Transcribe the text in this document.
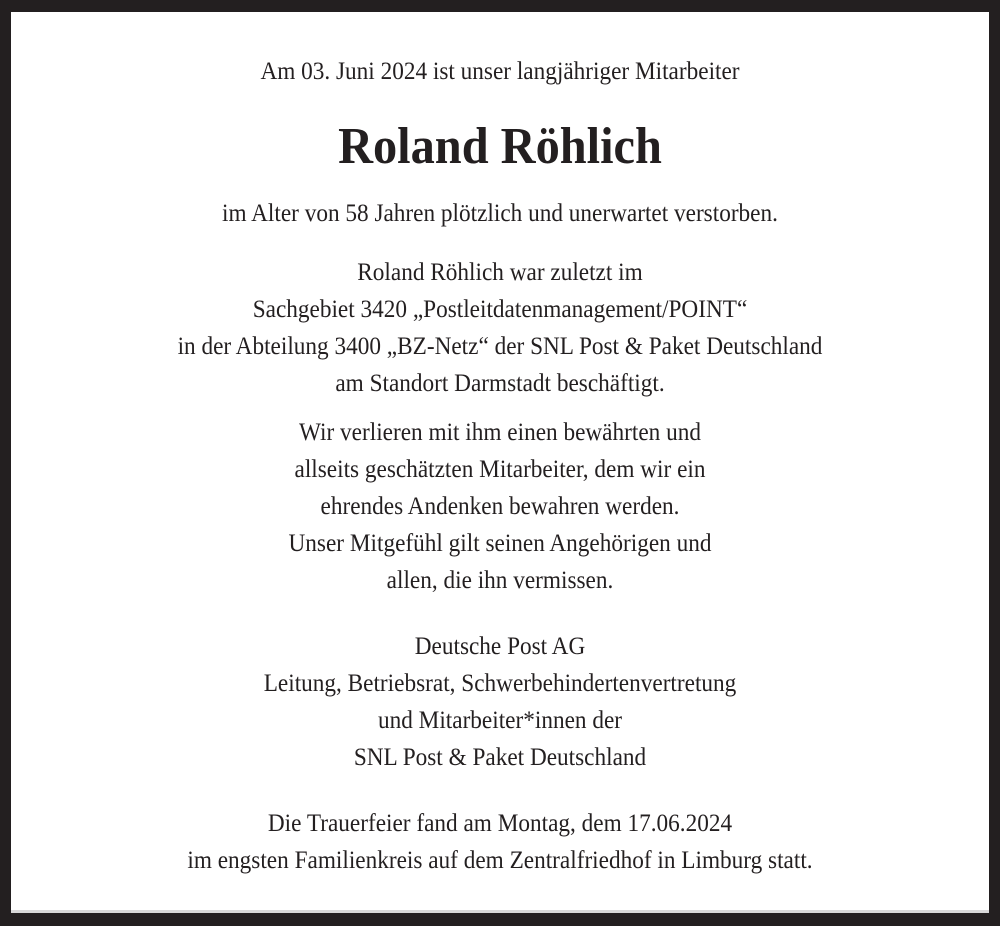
Am 03. Juni 2024 ist unser langjähriger Mitarbeiter
Roland Röhlich
im Alter von 58 Jahren plötzlich und unerwartet verstorben.
Roland Röhlich war zuletzt im
Sachgebiet 3420 „Postleitdatenmanagement/POINT“
in der Abteilung 3400 „BZ-Netz“ der SNL Post & Paket Deutschland
am Standort Darmstadt beschäftigt.
Wir verlieren mit ihm einen bewährten und
allseits geschätzten Mitarbeiter, dem wir ein
ehrendes Andenken bewahren werden.
Unser Mitgefühl gilt seinen Angehörigen und
allen, die ihn vermissen.
Deutsche Post AG
Leitung, Betriebsrat, Schwerbehindertenvertretung
und Mitarbeiter*innen der
SNL Post & Paket Deutschland
Die Trauerfeier fand am Montag, dem 17.06.2024
im engsten Familienkreis auf dem Zentralfriedhof in Limburg statt.
